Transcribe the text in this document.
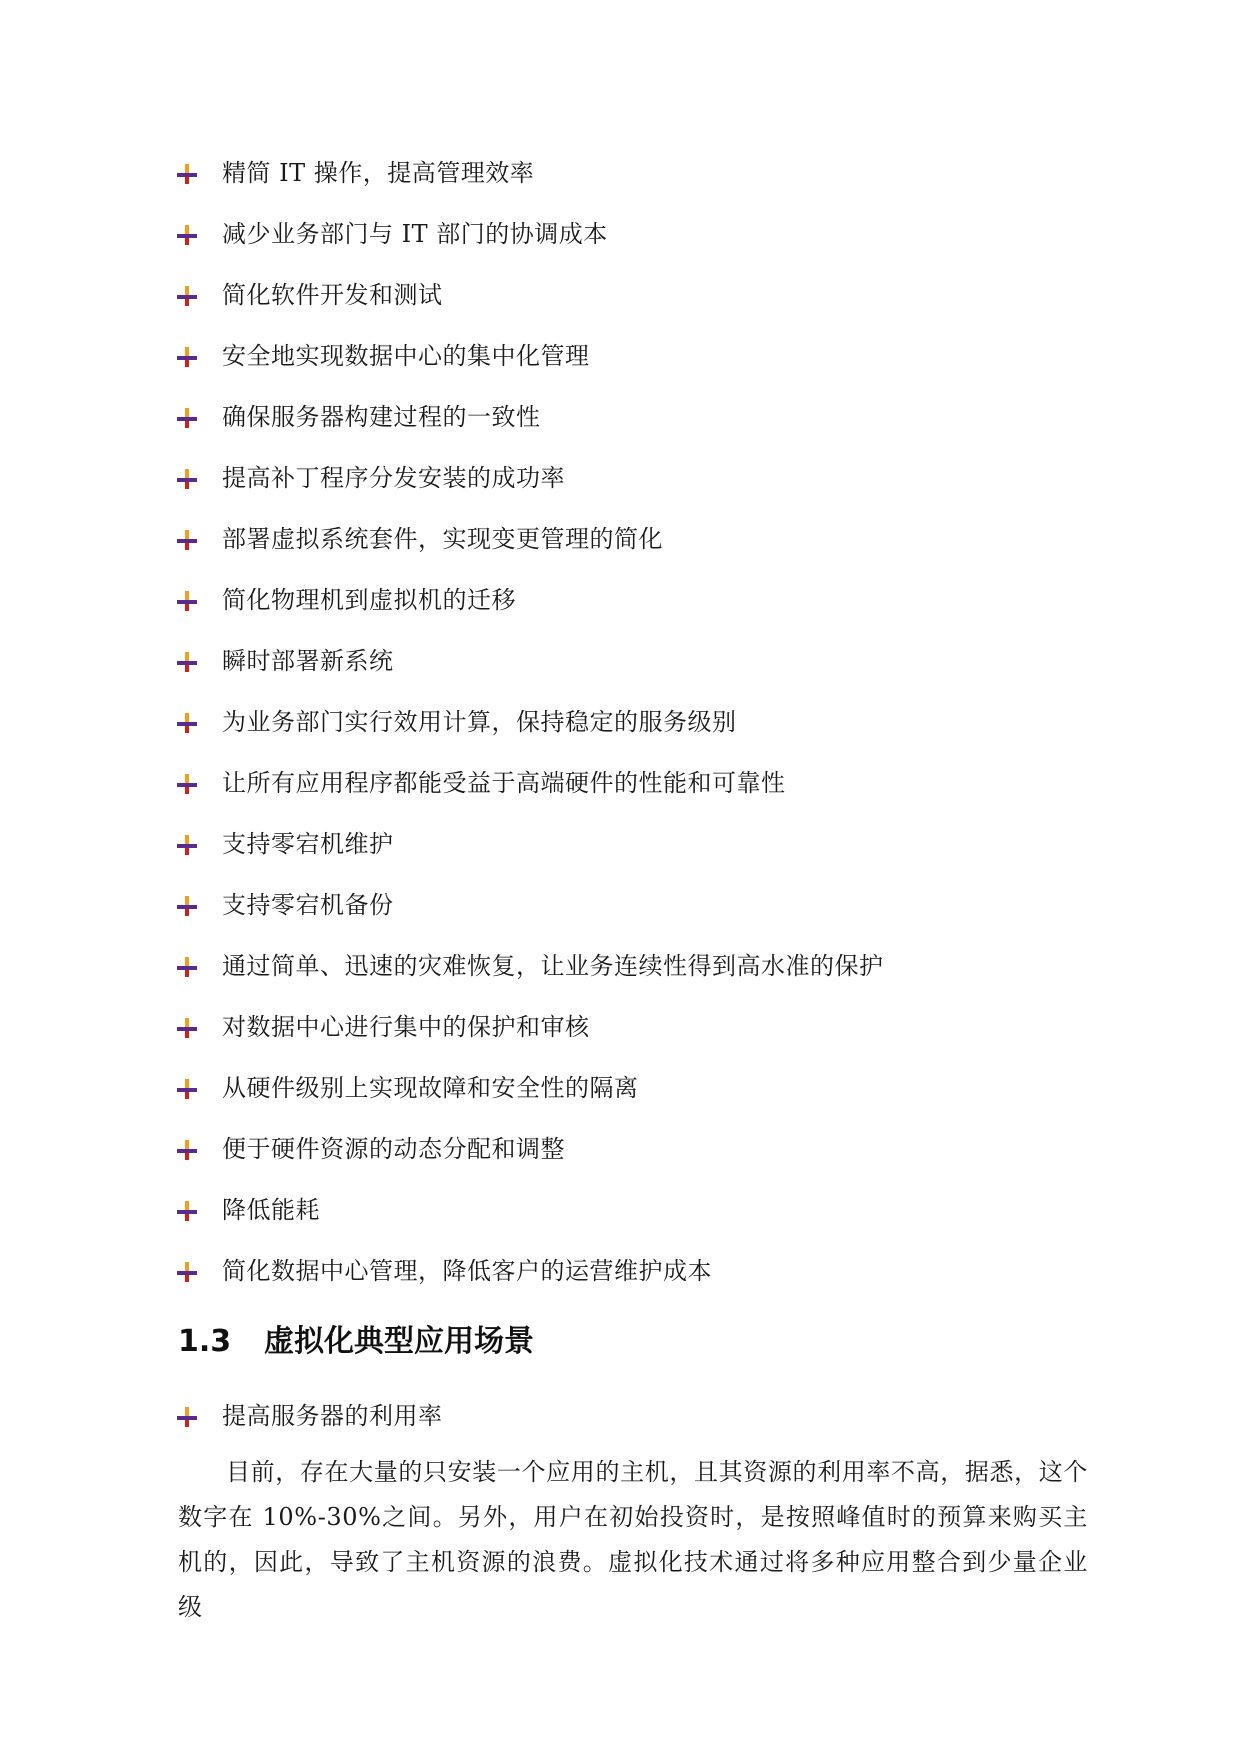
精简 IT 操作，提高管理效率
减少业务部门与 IT 部门的协调成本
简化软件开发和测试
安全地实现数据中心的集中化管理
确保服务器构建过程的一致性
提高补丁程序分发安装的成功率
部署虚拟系统套件，实现变更管理的简化
简化物理机到虚拟机的迁移
瞬时部署新系统
为业务部门实行效用计算，保持稳定的服务级别
让所有应用程序都能受益于高端硬件的性能和可靠性
支持零宕机维护
支持零宕机备份
通过简单、迅速的灾难恢复，让业务连续性得到高水准的保护
对数据中心进行集中的保护和审核
从硬件级别上实现故障和安全性的隔离
便于硬件资源的动态分配和调整
降低能耗
简化数据中心管理，降低客户的运营维护成本
1.3 虚拟化典型应用场景
提高服务器的利用率

目前，存在大量的只安装一个应用的主机，且其资源的利用率不高，据悉，这个数字在 10%-30%之间。另外，用户在初始投资时，是按照峰值时的预算来购买主机的，因此，导致了主机资源的浪费。虚拟化技术通过将多种应用整合到少量企业级
